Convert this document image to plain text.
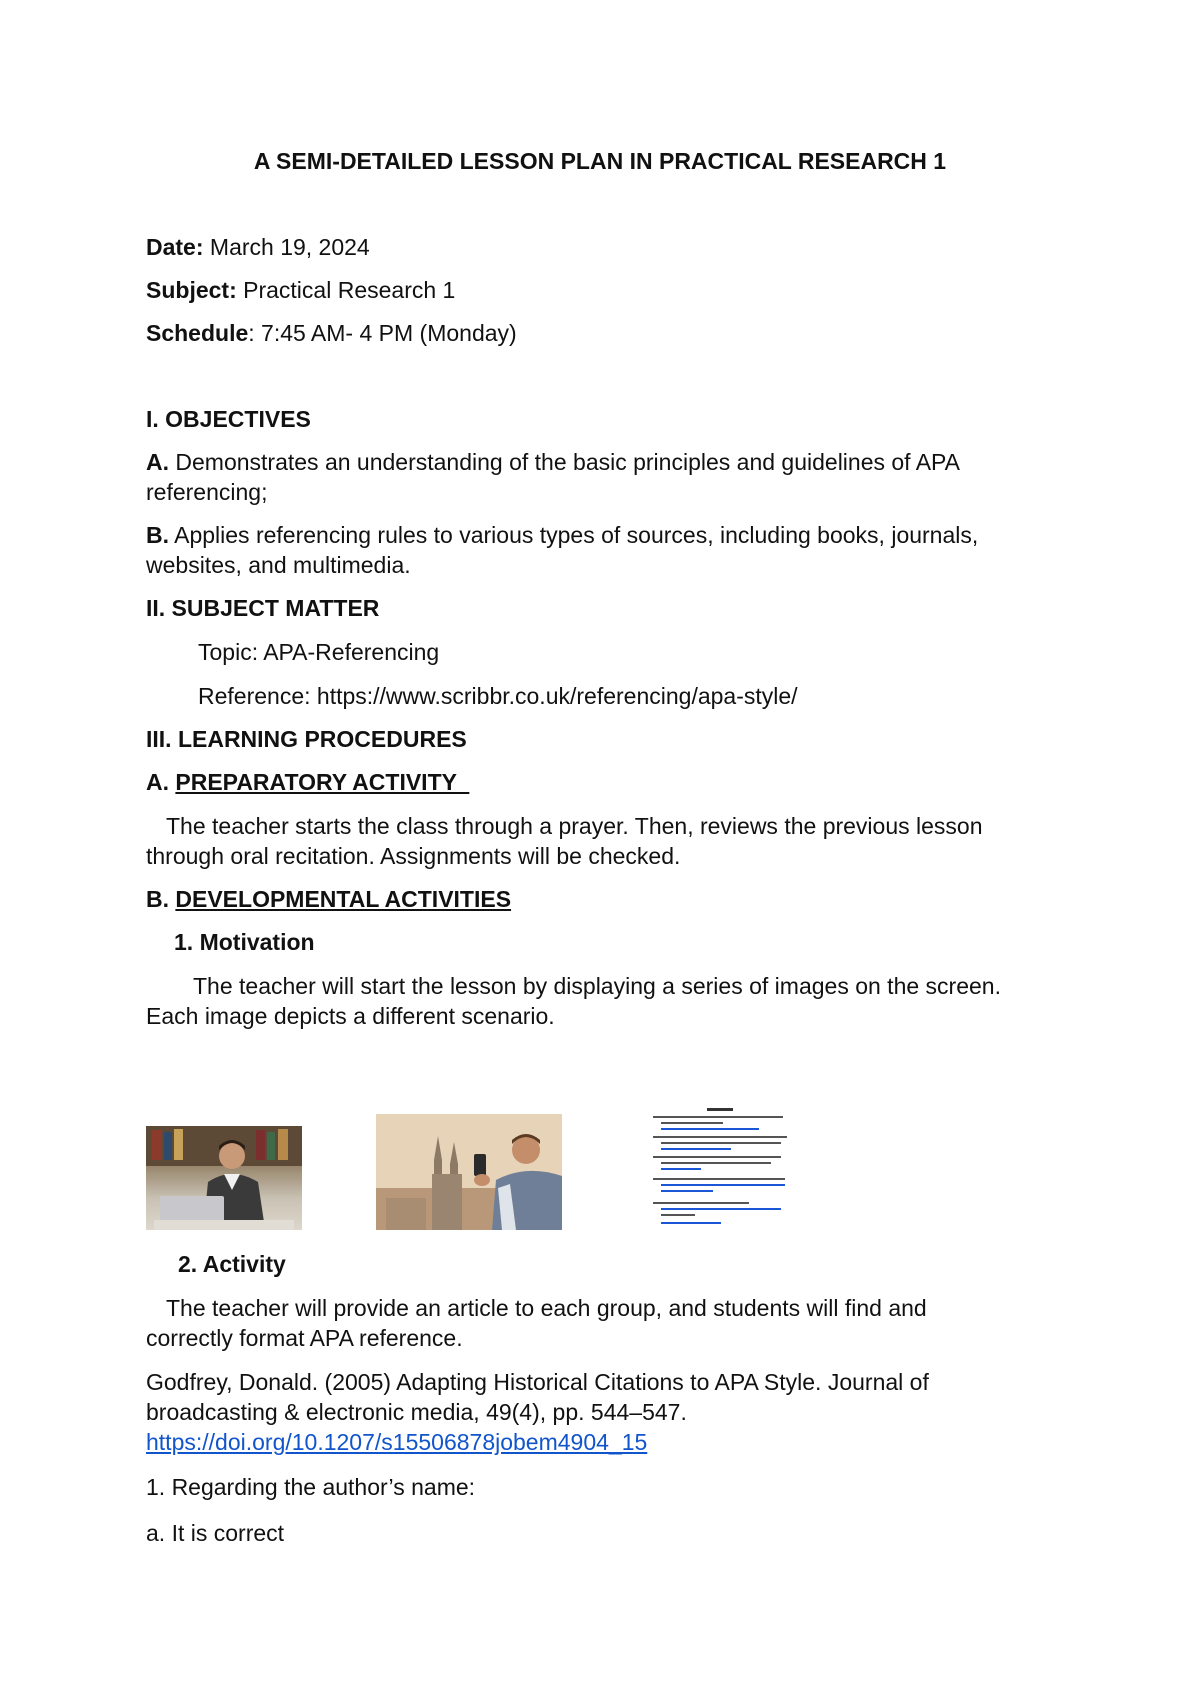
A SEMI-DETAILED LESSON PLAN IN PRACTICAL RESEARCH 1
Date: March 19, 2024
Subject: Practical Research 1
Schedule: 7:45 AM- 4 PM (Monday)
I. OBJECTIVES
A. Demonstrates an understanding of the basic principles and guidelines of APA
referencing;
B. Applies referencing rules to various types of sources, including books, journals,
websites, and multimedia.
II. SUBJECT MATTER
Topic: APA-Referencing
Reference: https://www.scribbr.co.uk/referencing/apa-style/
III. LEARNING PROCEDURES
A. PREPARATORY ACTIVITY
The teacher starts the class through a prayer. Then, reviews the previous lesson
through oral recitation. Assignments will be checked.
B. DEVELOPMENTAL ACTIVITIES
1. Motivation
The teacher will start the lesson by displaying a series of images on the screen.
Each image depicts a different scenario.
2. Activity
The teacher will provide an article to each group, and students will find and
correctly format APA reference.
Godfrey, Donald. (2005) Adapting Historical Citations to APA Style. Journal of
broadcasting & electronic media, 49(4), pp. 544–547.
https://doi.org/10.1207/s15506878jobem4904_15
1. Regarding the author’s name:
a. It is correct
